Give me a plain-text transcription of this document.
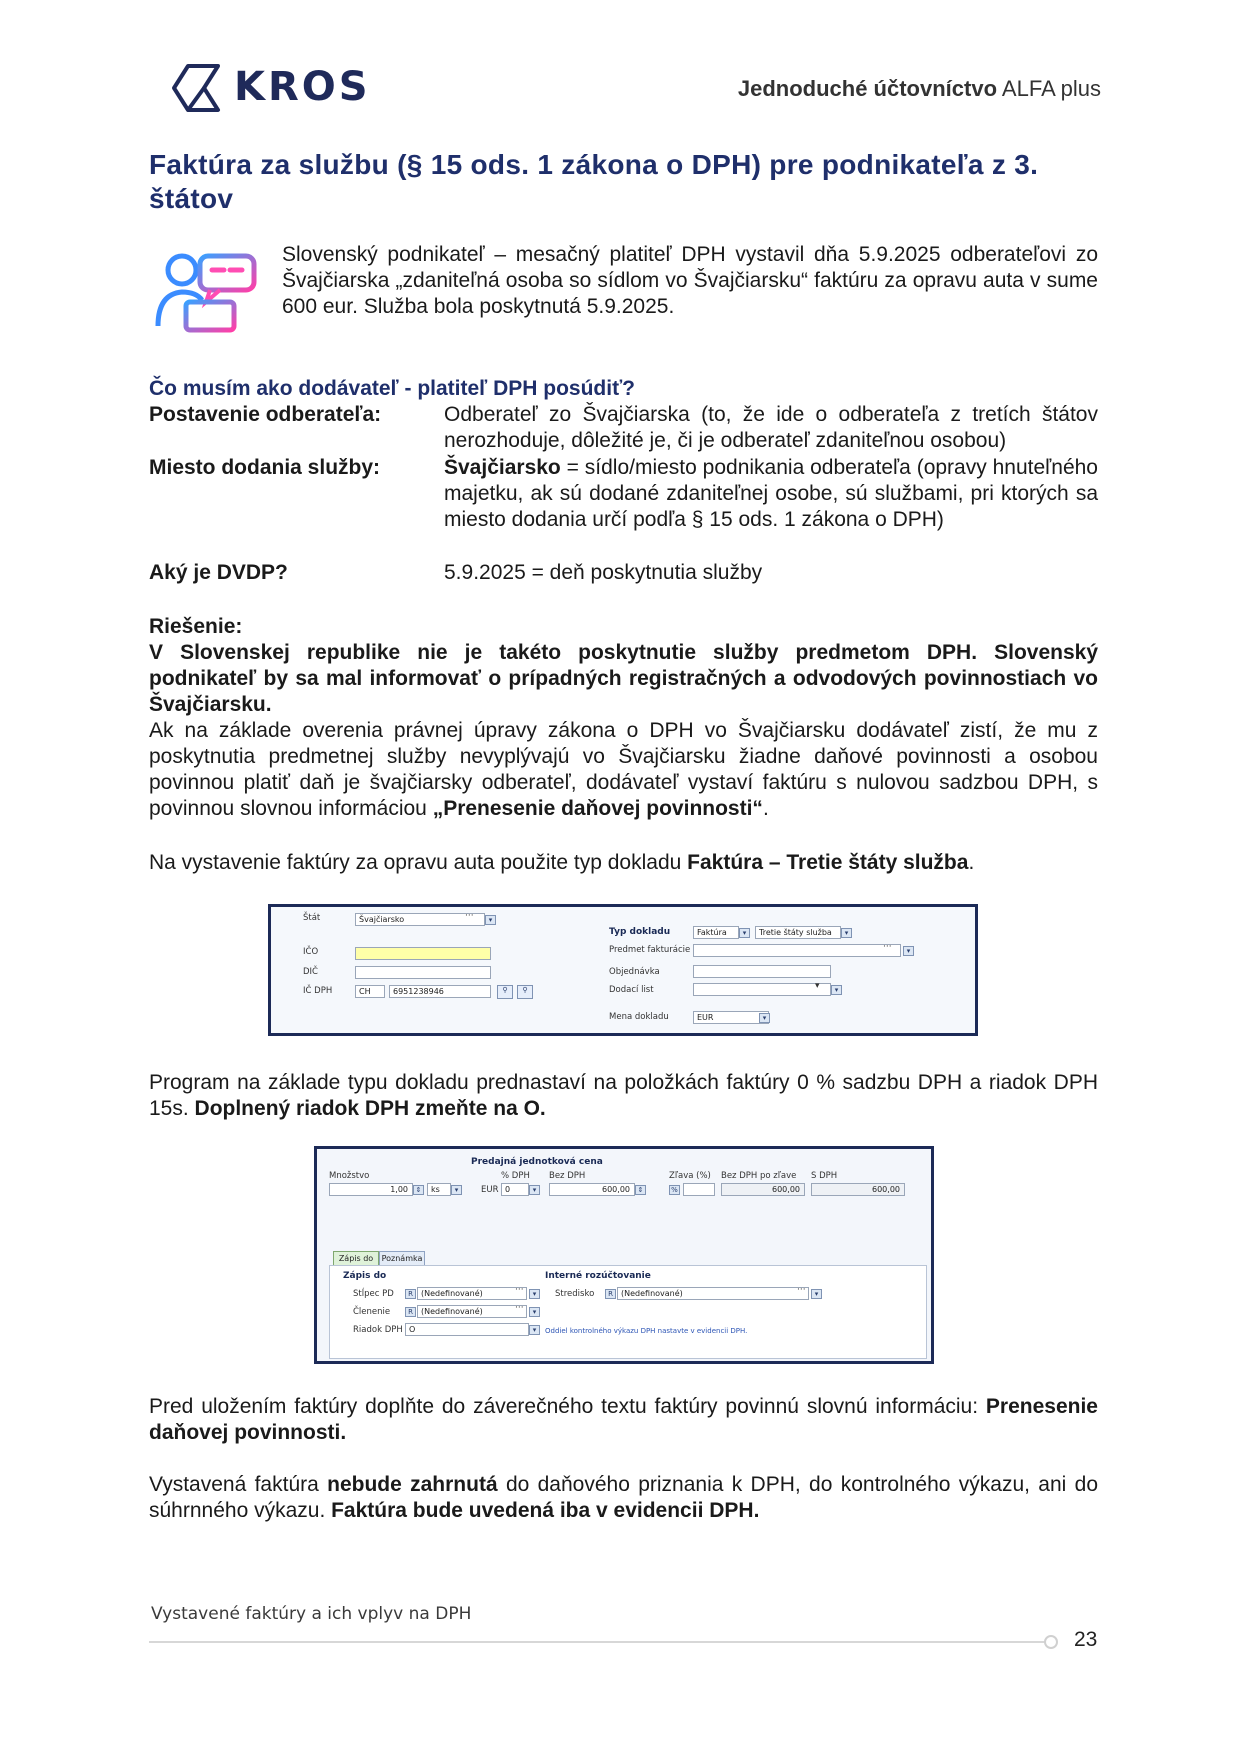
KROS	Jednoduché účtovníctvo ALFA plus
Faktúra za službu (§ 15 ods. 1 zákona o DPH) pre podnikateľa z 3. štátov

Slovenský podnikateľ – mesačný platiteľ DPH vystavil dňa 5.9.2025 odberateľovi zo Švajčiarska „zdaniteľná osoba so sídlom vo Švajčiarsku“ faktúru za opravu auta v sume 600 eur. Služba bola poskytnutá 5.9.2025.

Čo musím ako dodávateľ - platiteľ DPH posúdiť?
Postavenie odberateľa:	Odberateľ zo Švajčiarska (to, že ide o odberateľa z tretích štátov nerozhoduje, dôležité je, či je odberateľ zdaniteľnou osobou)
Miesto dodania služby:	Švajčiarsko = sídlo/miesto podnikania odberateľa (opravy hnuteľného majetku, ak sú dodané zdaniteľnej osobe, sú službami, pri ktorých sa miesto dodania určí podľa § 15 ods. 1 zákona o DPH)
Aký je DVDP?	5.9.2025 = deň poskytnutia služby
Riešenie:

V Slovenskej republike nie je takéto poskytnutie služby predmetom DPH. Slovenský podnikateľ by sa mal informovať o prípadných registračných a odvodových povinnostiach vo Švajčiarsku.

Ak na základe overenia právnej úpravy zákona o DPH vo Švajčiarsku dodávateľ zistí, že mu z poskytnutia predmetnej služby nevyplývajú vo Švajčiarsku žiadne daňové povinnosti a osobou povinnou platiť daň je švajčiarsky odberateľ, dodávateľ vystaví faktúru s nulovou sadzbou DPH, s povinnou slovnou informáciou „Prenesenie daňovej povinnosti“.

Na vystavenie faktúry za opravu auta použite typ dokladu Faktúra – Tretie štáty služba.

Štát	Švajčiarsko	···	▾
IČO
DIČ
IČ DPH	CH	6951238946	⚲	⚲
Typ dokladu	Faktúra	▾	Tretie štáty služba	▾
Predmet fakturácie	···	▾
Objednávka
Dodací list	▾	▾
Mena dokladu	EUR	▾

Program na základe typu dokladu prednastaví na položkách faktúry 0 % sadzbu DPH a riadok DPH 15s. Doplnený riadok DPH zmeňte na O.

Predajná jednotková cena
Množstvo
1,00	⇕	ks	▾
% DPH
EUR 0	▾
Bez DPH
600,00	⇕
Zľava (%)
%
Bez DPH po zľave
600,00
S DPH
600,00
Zápis do	Poznámka
Zápis do	Interné rozúčtovanie
Stĺpec PD	R	(Nedefinované)	···	▾
Členenie	R	(Nedefinované)	···	▾
Riadok DPH O	▾
Stredisko	R	(Nedefinované)	···	▾
Oddiel kontrolného výkazu DPH nastavte v evidencii DPH.

Pred uložením faktúry doplňte do záverečného textu faktúry povinnú slovnú informáciu: Prenesenie daňovej povinnosti.

Vystavená faktúra nebude zahrnutá do daňového priznania k DPH, do kontrolného výkazu, ani do súhrnného výkazu. Faktúra bude uvedená iba v evidencii DPH.

Vystavené faktúry a ich vplyv na DPH
23
